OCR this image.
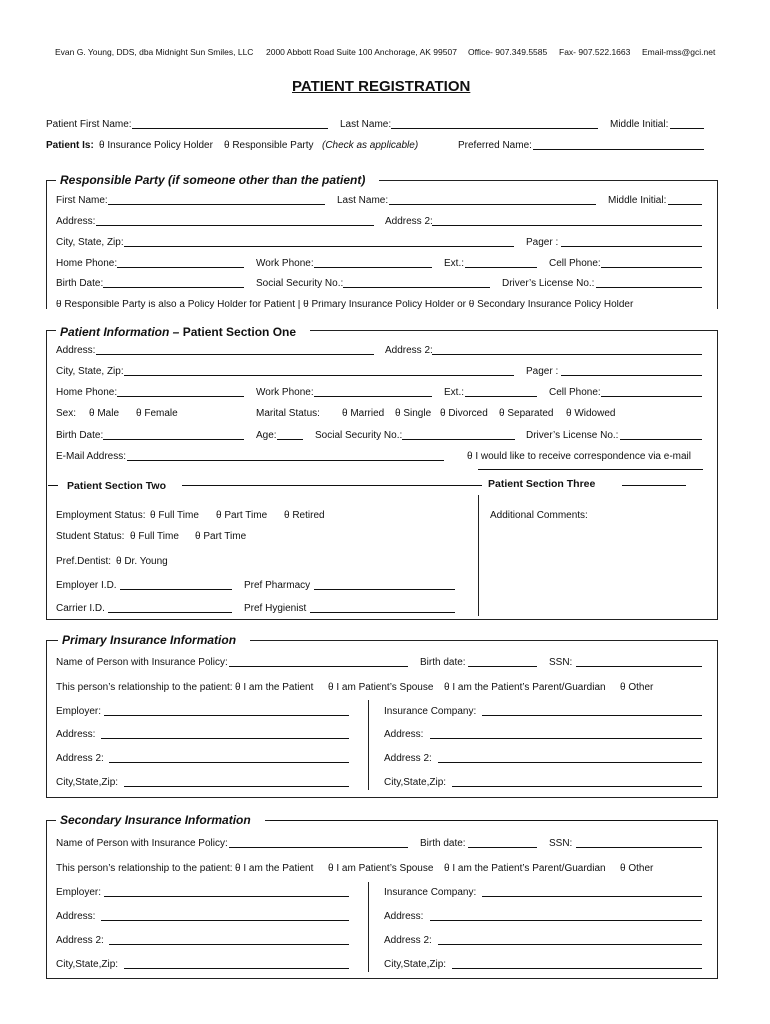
Evan G. Young, DDS, dba Midnight Sun Smiles, LLC 2000 Abbott Road Suite 100 Anchorage, AK 99507 Office- 907.349.5585 Fax- 907.522.1663 Email-mss@gci.net
PATIENT REGISTRATION
Patient First Name:	Last Name:	Middle Initial:
Patient Is: θ Insurance Policy Holder θ Responsible Party (Check as applicable)	Preferred Name:
Responsible Party (if someone other than the patient)
First Name:	Last Name:	Middle Initial:
Address:	Address 2:
City, State, Zip:	Pager :
Home Phone:	Work Phone:	Ext.:	Cell Phone:
Birth Date:	Social Security No.:	Driver’s License No.:
θ Responsible Party is also a Policy Holder for Patient | θ Primary Insurance Policy Holder or θ Secondary Insurance Policy Holder
Patient Information – Patient Section One
Address:	Address 2:
City, State, Zip:	Pager :
Home Phone:	Work Phone:	Ext.:	Cell Phone:
Sex: θ Male θ Female	Marital Status: θ Married θ Single θ Divorced θ Separated θ Widowed
Birth Date:	Age:	Social Security No.:	Driver’s License No.:
E-Mail Address:	θ I would like to receive correspondence via e-mail
Patient Section Two	Patient Section Three
Employment Status: θ Full Time θ Part Time θ Retired	Additional Comments:
Student Status: θ Full Time θ Part Time
Pref.Dentist: θ Dr. Young
Employer I.D.	Pref Pharmacy
Carrier I.D.	Pref Hygienist
Primary Insurance Information
Name of Person with Insurance Policy:	Birth date:	SSN:
This person’s relationship to the patient: θ I am the Patient θ I am Patient’s Spouse θ I am the Patient’s Parent/Guardian θ Other
Employer:	Insurance Company:
Address:	Address:
Address 2:	Address 2:
City,State,Zip:	City,State,Zip:
Secondary Insurance Information
Name of Person with Insurance Policy:	Birth date:	SSN:
This person’s relationship to the patient: θ I am the Patient θ I am Patient’s Spouse θ I am the Patient’s Parent/Guardian θ Other
Employer:	Insurance Company:
Address:	Address:
Address 2:	Address 2:
City,State,Zip:	City,State,Zip:
